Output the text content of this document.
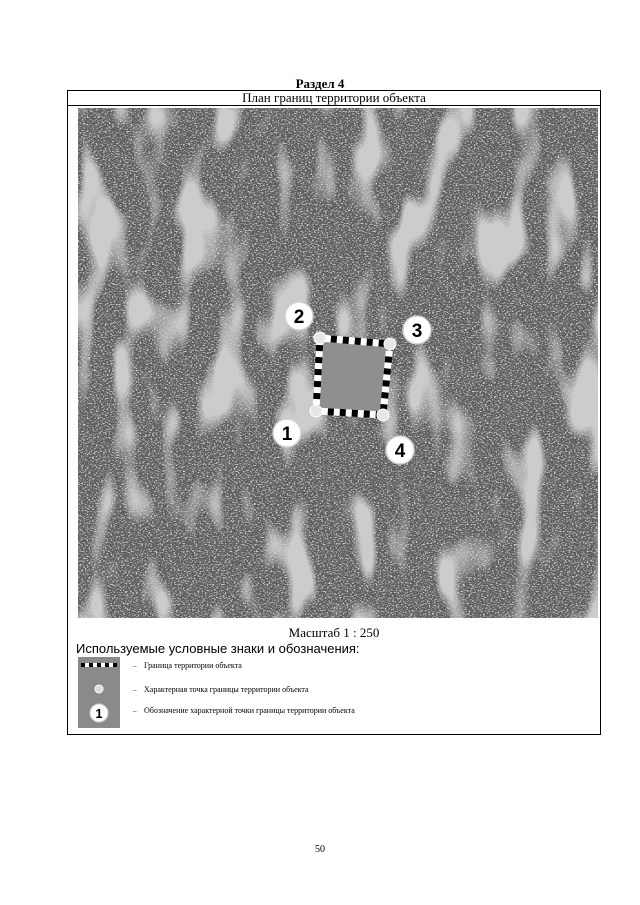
Раздел 4
План границ территории объекта
1
2
3
4
Масштаб 1 : 250
Используемые условные знаки и обозначения:
– Граница территории объекта
– Характерная точка границы территории объекта
1	– Обозначение характерной точки границы территории объекта
50
